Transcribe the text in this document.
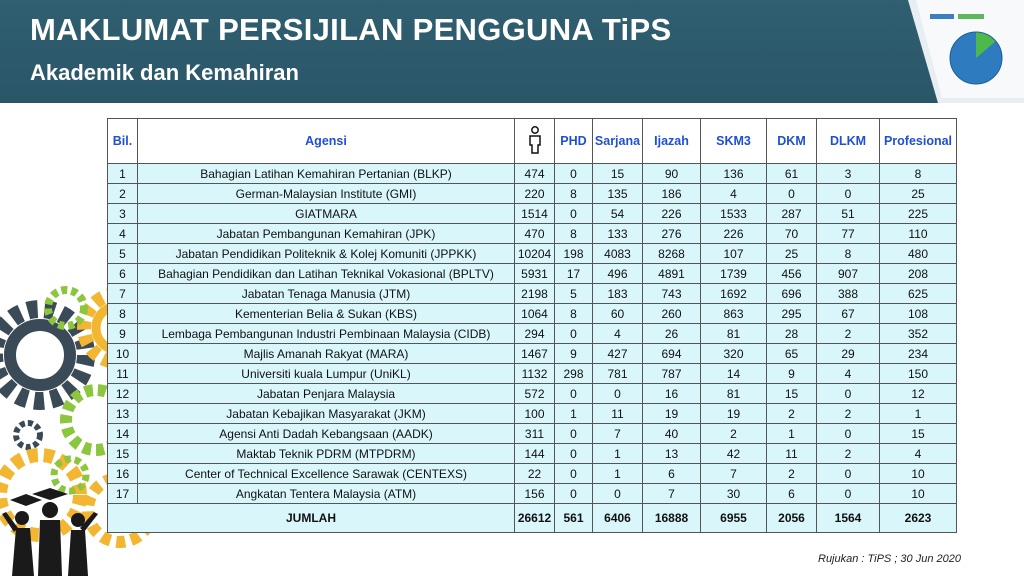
MAKLUMAT PERSIJILAN PENGGUNA TiPS
Akademik dan Kemahiran
Bil.	Agensi		PHD	Sarjana	Ijazah	SKM3	DKM	DLKM	Profesional
1	Bahagian Latihan Kemahiran Pertanian (BLKP)	474	0	15	90	136	61	3	8
2	German-Malaysian Institute (GMI)	220	8	135	186	4	0	0	25
3	GIATMARA	1514	0	54	226	1533	287	51	225
4	Jabatan Pembangunan Kemahiran (JPK)	470	8	133	276	226	70	77	110
5	Jabatan Pendidikan Politeknik & Kolej Komuniti (JPPKK)	10204	198	4083	8268	107	25	8	480
6	Bahagian Pendidikan dan Latihan Teknikal Vokasional (BPLTV)	5931	17	496	4891	1739	456	907	208
7	Jabatan Tenaga Manusia (JTM)	2198	5	183	743	1692	696	388	625
8	Kementerian Belia & Sukan (KBS)	1064	8	60	260	863	295	67	108
9	Lembaga Pembangunan Industri Pembinaan Malaysia (CIDB)	294	0	4	26	81	28	2	352
10	Majlis Amanah Rakyat (MARA)	1467	9	427	694	320	65	29	234
11	Universiti kuala Lumpur (UniKL)	1132	298	781	787	14	9	4	150
12	Jabatan Penjara Malaysia	572	0	0	16	81	15	0	12
13	Jabatan Kebajikan Masyarakat (JKM)	100	1	11	19	19	2	2	1
14	Agensi Anti Dadah Kebangsaan (AADK)	311	0	7	40	2	1	0	15
15	Maktab Teknik PDRM (MTPDRM)	144	0	1	13	42	11	2	4
16	Center of Technical Excellence Sarawak (CENTEXS)	22	0	1	6	7	2	0	10
17	Angkatan Tentera Malaysia (ATM)	156	0	0	7	30	6	0	10
JUMLAH		26612	561	6406	16888	6955	2056	1564	2623
Rujukan : TiPS ; 30 Jun 2020
